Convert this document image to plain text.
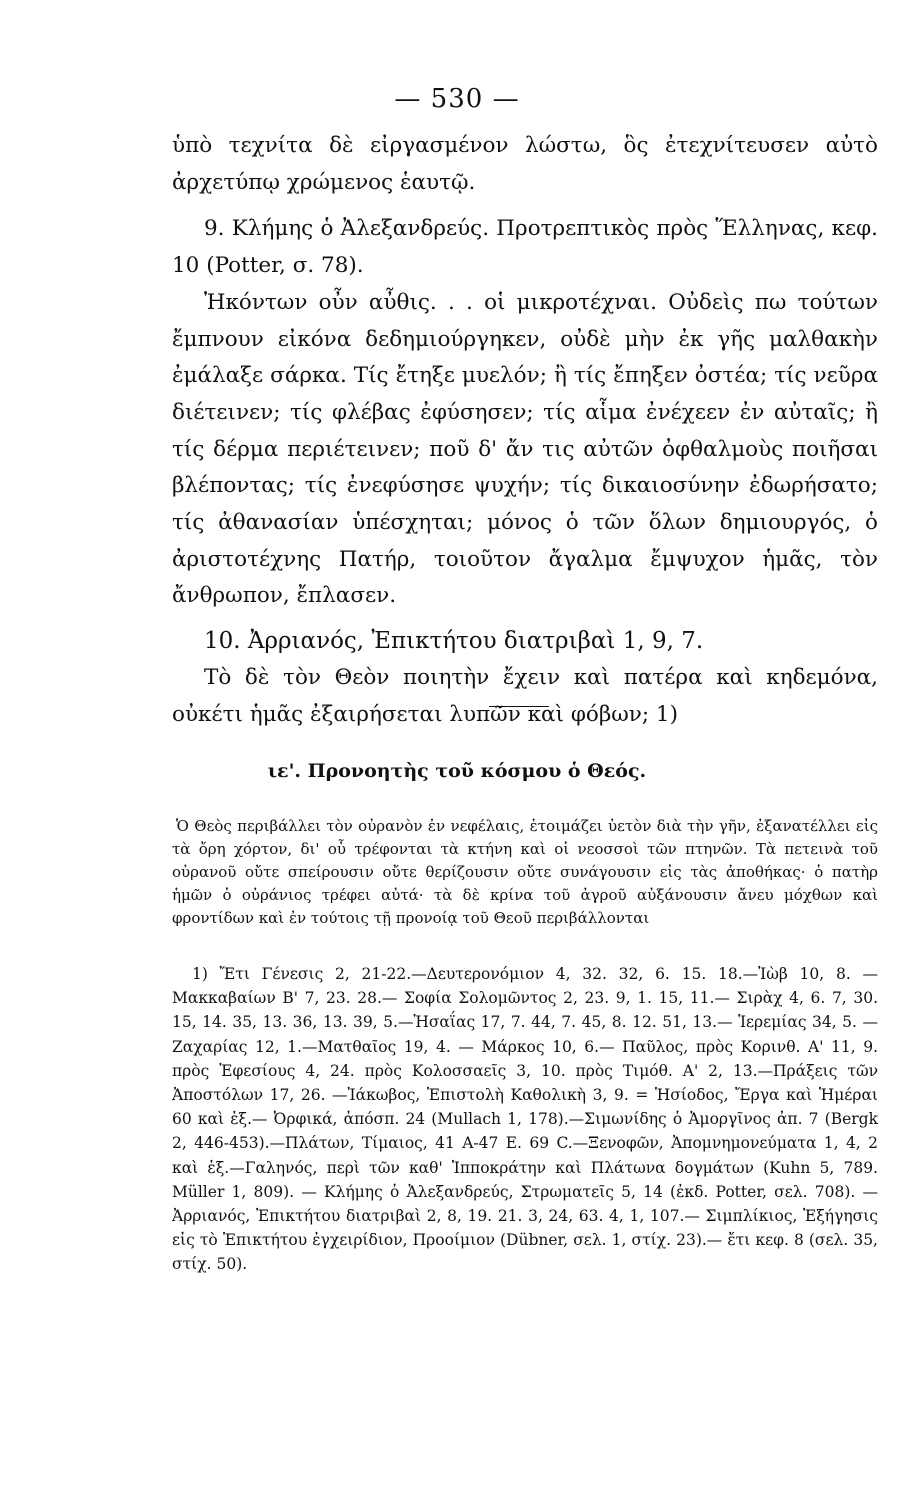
— 530 —

ὑπὸ τεχνίτα δὲ εἰργασμένον λώστω, ὃς ἐτεχνίτευσεν αὐτὸ ἀρχετύπῳ χρώμενος ἑαυτῷ.

9. Κλήμης ὁ Ἀλεξανδρεύς. Προτρεπτικὸς πρὸς Ἕλληνας, κεφ. 10 (Potter, σ. 78).

Ἠκόντων οὖν αὖθις. . . οἱ μικροτέχναι. Οὐδεὶς πω τούτων ἔμπνουν εἰκόνα δεδημιούργηκεν, οὐδὲ μὴν ἐκ γῆς μαλθακὴν ἐμάλαξε σάρκα. Τίς ἔτηξε μυελόν; ἢ τίς ἔπηξεν ὀστέα; τίς νεῦρα διέτεινεν; τίς φλέβας ἐφύσησεν; τίς αἷμα ἐνέχεεν ἐν αὐταῖς; ἢ τίς δέρμα περιέτεινεν; ποῦ δ' ἄν τις αὐτῶν ὀφθαλμοὺς ποιῆσαι βλέποντας; τίς ἐνεφύσησε ψυχήν; τίς δικαιοσύνην ἐδωρήσατο; τίς ἀθανασίαν ὑπέσχηται; μόνος ὁ τῶν ὅλων δημιουργός, ὁ ἀριστοτέχνης Πατήρ, τοιοῦτον ἄγαλμα ἔμψυχον ἡμᾶς, τὸν ἄνθρωπον, ἔπλασεν.

10. Ἀρριανός, Ἐπικτήτου διατριβαὶ 1, 9, 7.

Τὸ δὲ τὸν Θεὸν ποιητὴν ἔχειν καὶ πατέρα καὶ κηδεμόνα, οὐκέτι ἡμᾶς ἐξαιρήσεται λυπῶν καὶ φόβων; 1)

ιε'. Προνοητὴς τοῦ κόσμου ὁ Θεός.

Ὁ Θεὸς περιβάλλει τὸν οὐρανὸν ἐν νεφέλαις, ἑτοιμάζει ὑετὸν διὰ τὴν γῆν, ἐξανατέλλει εἰς τὰ ὄρη χόρτον, δι' οὗ τρέφονται τὰ κτήνη καὶ οἱ νεοσσοὶ τῶν πτηνῶν. Τὰ πετεινὰ τοῦ οὐρανοῦ οὔτε σπείρουσιν οὔτε θερίζουσιν οὔτε συνάγουσιν εἰς τὰς ἀποθήκας· ὁ πατὴρ ἡμῶν ὁ οὐράνιος τρέφει αὐτά· τὰ δὲ κρίνα τοῦ ἀγροῦ αὐξάνουσιν ἄνευ μόχθων καὶ φροντίδων καὶ ἐν τούτοις τῇ προνοίᾳ τοῦ Θεοῦ περιβάλλονται

1) Ἔτι Γένεσις 2, 21-22.—Δευτερονόμιον 4, 32. 32, 6. 15. 18.—Ἰὼβ 10, 8. —Μακκαβαίων Β' 7, 23. 28.— Σοφία Σολομῶντος 2, 23. 9, 1. 15, 11.— Σιρὰχ 4, 6. 7, 30. 15, 14. 35, 13. 36, 13. 39, 5.—Ἡσαΐας 17, 7. 44, 7. 45, 8. 12. 51, 13.— Ἱερεμίας 34, 5. —Ζαχαρίας 12, 1.—Ματθαῖος 19, 4. — Μάρκος 10, 6.— Παῦλος, πρὸς Κορινθ. Α' 11, 9. πρὸς Ἐφεσίους 4, 24. πρὸς Κολοσσαεῖς 3, 10. πρὸς Τιμόθ. Α' 2, 13.—Πράξεις τῶν Ἀποστόλων 17, 26. —Ἰάκωβος, Ἐπιστολὴ Καθολικὴ 3, 9. = Ἡσίοδος, Ἔργα καὶ Ἡμέραι 60 καὶ ἑξ.— Ὀρφικά, ἀπόσπ. 24 (Mullach 1, 178).—Σιμωνίδης ὁ Ἀμοργῖνος ἀπ. 7 (Bergk 2, 446-453).—Πλάτων, Τίμαιος, 41 Α-47 Ε. 69 C.—Ξενοφῶν, Ἀπομνημονεύματα 1, 4, 2 καὶ ἑξ.—Γαληνός, περὶ τῶν καθ' Ἱπποκράτην καὶ Πλάτωνα δογμάτων (Kuhn 5, 789. Müller 1, 809). — Κλήμης ὁ Ἀλεξανδρεύς, Στρωματεῖς 5, 14 (ἐκδ. Potter, σελ. 708). —Ἀρριανός, Ἐπικτήτου διατριβαὶ 2, 8, 19. 21. 3, 24, 63. 4, 1, 107.— Σιμπλίκιος, Ἐξήγησις εἰς τὸ Ἐπικτήτου ἐγχειρίδιον, Προοίμιον (Dübner, σελ. 1, στίχ. 23).— ἔτι κεφ. 8 (σελ. 35, στίχ. 50).
